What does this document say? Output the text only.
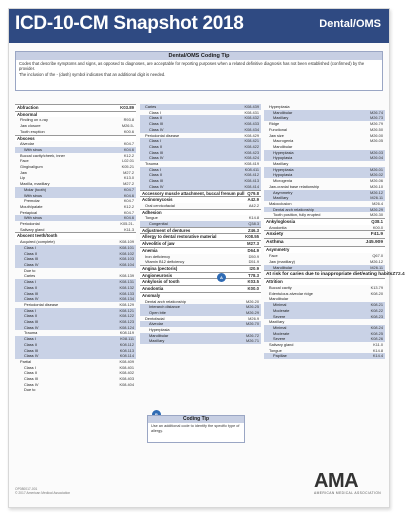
ICD-10-CM Snapshot 2018	Dental/OMS
Dental/OMS Coding Tip

Codes that describe symptoms and signs, as opposed to diagnoses, are acceptable for reporting purposes when a related definitive diagnosis has not been established (confirmed) by the provider.

The inclusion of the - (dash) symbol indicates that an additional digit is needed.

Abfraction	K03.89
Abnormal
Finding on x-ray	R93.8
Jaw closure	M26.5-
Tooth eruption	K00.6
Abscess
Alveolar	K04.7
With sinus	K04.6
Buccal cavity/cheek, inner	K12.2
Face	L02.01
Gingival/gum	K05.21
Jaw	M27.2
Lip	K13.0
Maxilla, maxillary	M27.2
Molar (tooth)	K04.7
With sinus	K04.6
Premolar	K04.7
Mouth/palate	K12.2
Periapical	K04.7
With sinus	K04.6
Periodontal	K05.21-
Salivary gland	K11.3
Abscent teeth/tooth
Acquired (complete)	K08.109
Class I	K08.101
Class II	K08.102
Class III	K08.103
Class IV	K08.104
Due to
Caries	K08.139
Class I	K08.131
Class II	K08.132
Class III	K08.133
Class IV	K08.134
Periodontal disease	K08.129
Class I	K08.121
Class II	K08.122
Class III	K08.123
Class IV	K08.124
Trauma	K08.119
Class I	K08.111
Class II	K08.112
Class III	K08.113
Class IV	K08.114
Partial	K08.409
Class I	K08.401
Class II	K08.402
Class III	K08.403
Class IV	K08.404
Due to
Caries	K08.439
Class I	K08.431
Class II	K08.432
Class III	K08.433
Class IV	K08.434
Periodontal disease	K08.429
Class I	K08.421
Class II	K08.422
Class III	K08.423
Class IV	K08.424
Trauma	K08.419
Class I	K08.411
Class II	K08.412
Class III	K08.413
Class IV	K08.414
Accessory muscle attachment, buccal frenum pull Q79.8
Actinomycosis	A42.9
Oral cervicofacial	A42.2
Adhesion
Tongue	K14.8
Congenital	Q38.3
Adjustment of dentures	Z46.3
Allergy to dental restorative material	K08.55
Alveolitis of jaw	M27.3
Anemia	D64.9
Iron deficiency	D50.9
Vitamin B12 deficiency	D51.9
Angina (pectoris)	I20.9
Angioneurosis	T78.3
Ankylosis of tooth	K03.5
Anodontia	K00.0
Anomaly
Dental arch relationship	M26.20
Interarch distance	M26.25
Open bite	M26.29
Dentofacial	M26.9
Alveolar	M26.70
Hyperplasia
Mandibular	M26.72
Maxillary	M26.71
Hyperplasia
Mandibular	M26.74
Maxillary	M26.73
Ridge	M26.79
Functional	M26.50
Jaw size	M26.00
Macrogenia	M26.05
Mandibular
Hyperplasia	M26.03
Hypoplasia	M26.04
Maxillary
Hyperplasia	M26.01
Hypoplasia	M26.02
Microgenia	M26.06
Jaw-cranial base relationship	M26.10
Asymmetry	M26.12
Maxillary	M26.11
Malocclusion	M26.4
Dental arch relationship	M26.29
Tooth position, fully erupted	M26.30
Ankyloglossia	Q38.1
Anodontia	K00.0
Anxiety	F41.9
Asthma	J45.909
Asymmetry
Face	Q67.0
Jaw (maxillary)	M26.12
Mandibular	M26.11
At risk for caries due to inappropriate diet/eating habits Z72.4
Attrition
Buccal cavity	K13.79
Edentulous alveolar ridge	K08.20
Mandibular
Minimal	K08.21
Moderate	K08.22
Severe	K08.23
Maxillary
Minimal	K08.24
Moderate	K08.25
Severe	K08.26
Salivary gland	K11.0
Tongue	K14.8
Papillae	K14.4
A
Coding Tip

Use an additional code to identify the specific type of allergy.

OP080017-001
© 2017 American Medical Association
AMA
AMERICAN MEDICAL ASSOCIATION
